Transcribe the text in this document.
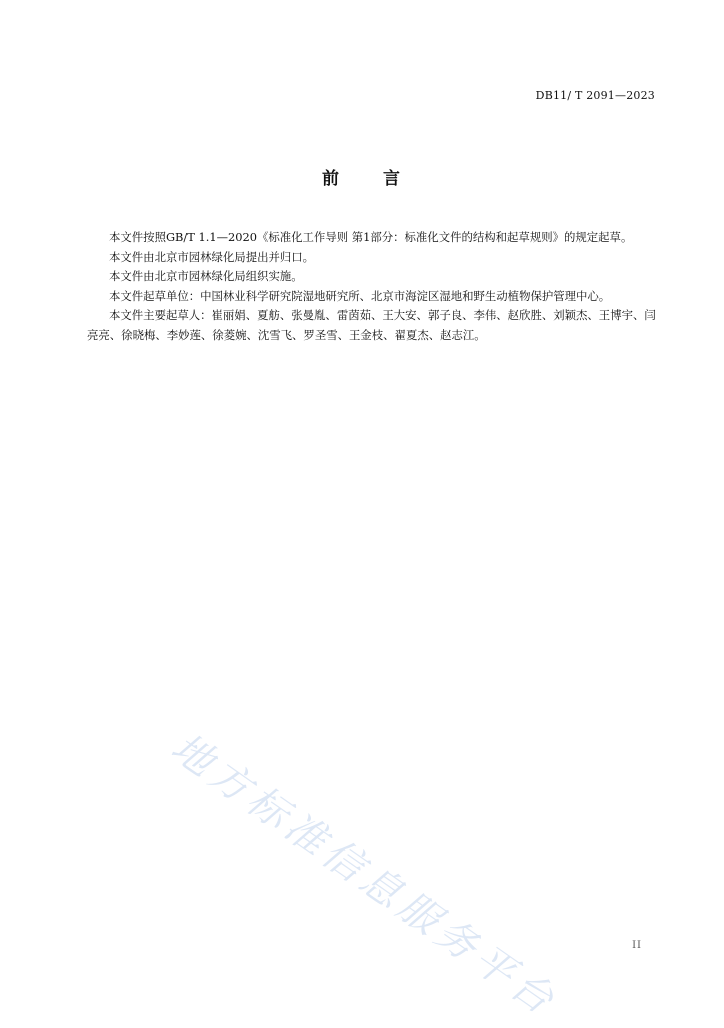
DB11/ T 2091—2023
前 言

本文件按照GB/T 1.1—2020《标准化工作导则 第1部分：标准化文件的结构和起草规则》的规定起草。

本文件由北京市园林绿化局提出并归口。

本文件由北京市园林绿化局组织实施。

本文件起草单位：中国林业科学研究院湿地研究所、北京市海淀区湿地和野生动植物保护管理中心。

本文件主要起草人：崔丽娟、夏舫、张曼胤、雷茵茹、王大安、郭子良、李伟、赵欣胜、刘颖杰、王博宇、闫亮亮、徐晓梅、李妙莲、徐菱婉、沈雪飞、罗圣雪、王金枝、翟夏杰、赵志江。

地方标准信息服务平台	II
